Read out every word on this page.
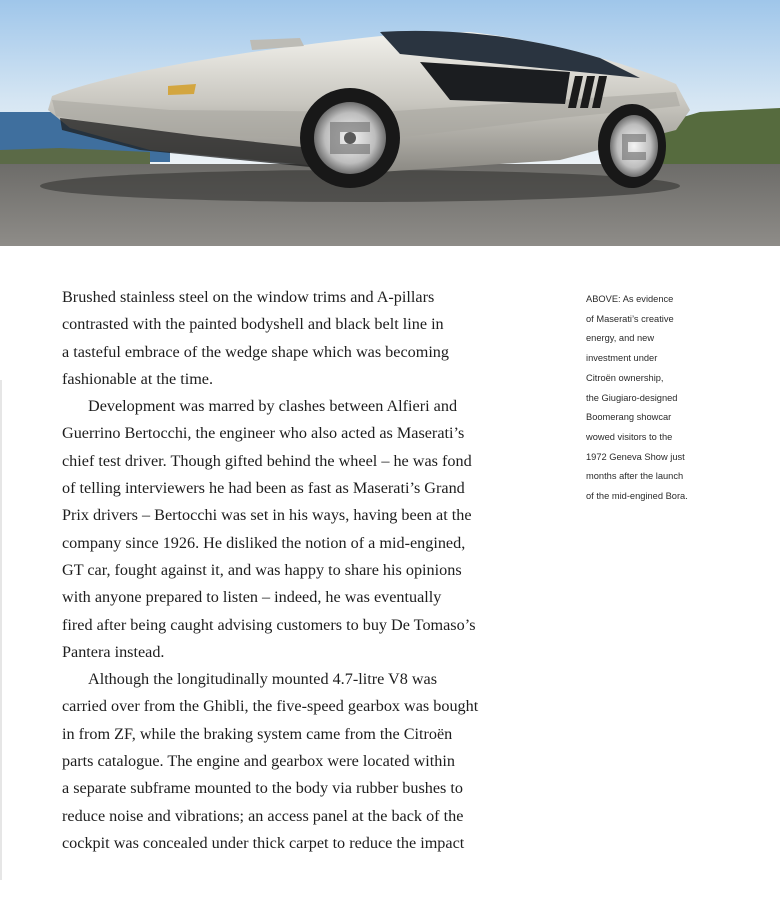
Brushed stainless steel on the window trims and A-pillars
contrasted with the painted bodyshell and black belt line in
a tasteful embrace of the wedge shape which was becoming
fashionable at the time.

Development was marred by clashes between Alfieri and
Guerrino Bertocchi, the engineer who also acted as Maserati’s
chief test driver. Though gifted behind the wheel – he was fond
of telling interviewers he had been as fast as Maserati’s Grand
Prix drivers – Bertocchi was set in his ways, having been at the
company since 1926. He disliked the notion of a mid-engined,
GT car, fought against it, and was happy to share his opinions
with anyone prepared to listen – indeed, he was eventually
fired after being caught advising customers to buy De Tomaso’s
Pantera instead.

Although the longitudinally mounted 4.7-litre V8 was
carried over from the Ghibli, the five-speed gearbox was bought
in from ZF, while the braking system came from the Citroën
parts catalogue. The engine and gearbox were located within
a separate subframe mounted to the body via rubber bushes to
reduce noise and vibrations; an access panel at the back of the
cockpit was concealed under thick carpet to reduce the impact

ABOVE: As evidence
of Maserati’s creative
energy, and new
investment under
Citroën ownership,
the Giugiaro-designed
Boomerang showcar
wowed visitors to the
1972 Geneva Show just
months after the launch
of the mid-engined Bora.
